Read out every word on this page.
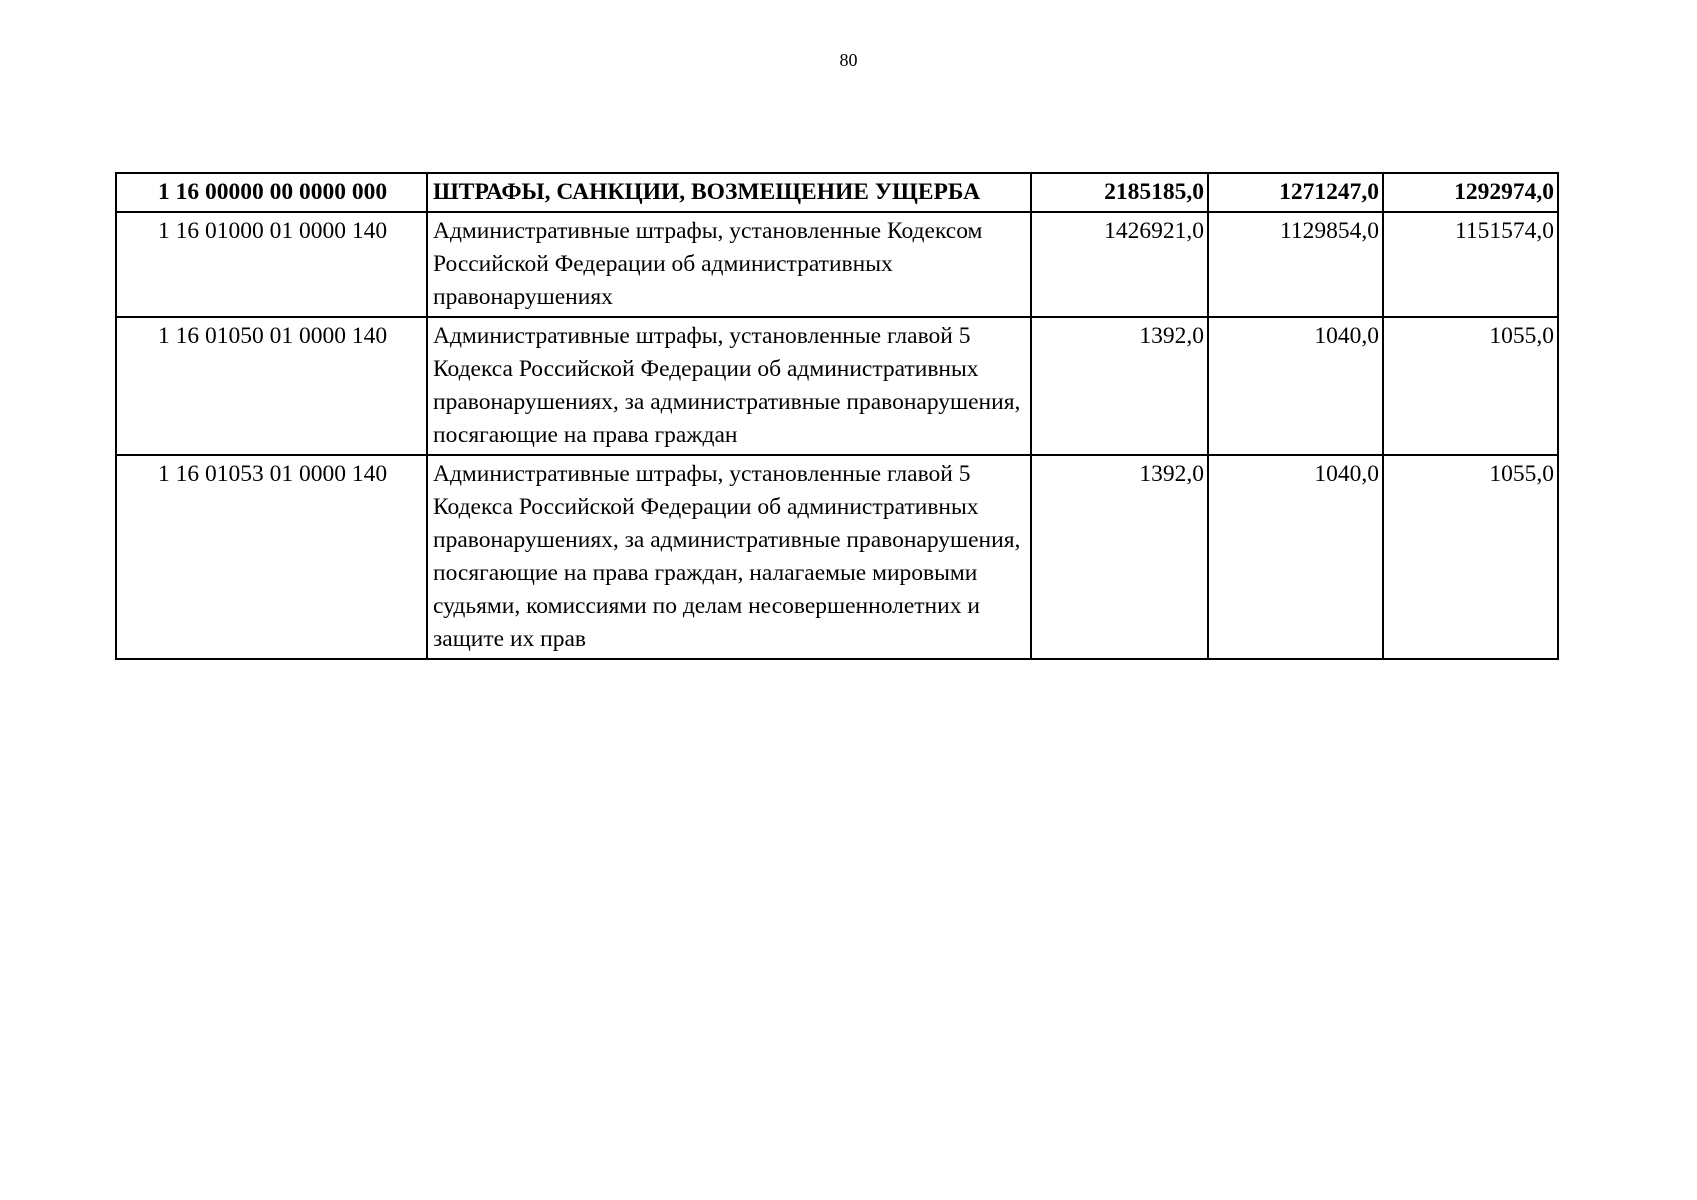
80
1 16 00000 00 0000 000	ШТРАФЫ, САНКЦИИ, ВОЗМЕЩЕНИЕ УЩЕРБА	2185185,0	1271247,0	1292974,0
1 16 01000 01 0000 140	Административные штрафы, установленные Кодексом Российской Федерации об административных правонарушениях	1426921,0	1129854,0	1151574,0
1 16 01050 01 0000 140	Административные штрафы, установленные главой 5 Кодекса Российской Федерации об административных правонарушениях, за административные правонарушения, посягающие на права граждан	1392,0	1040,0	1055,0
1 16 01053 01 0000 140	Административные штрафы, установленные главой 5 Кодекса Российской Федерации об административных правонарушениях, за административные правонарушения, посягающие на права граждан, налагаемые мировыми судьями, комиссиями по делам несовершеннолетних и защите их прав	1392,0	1040,0	1055,0
